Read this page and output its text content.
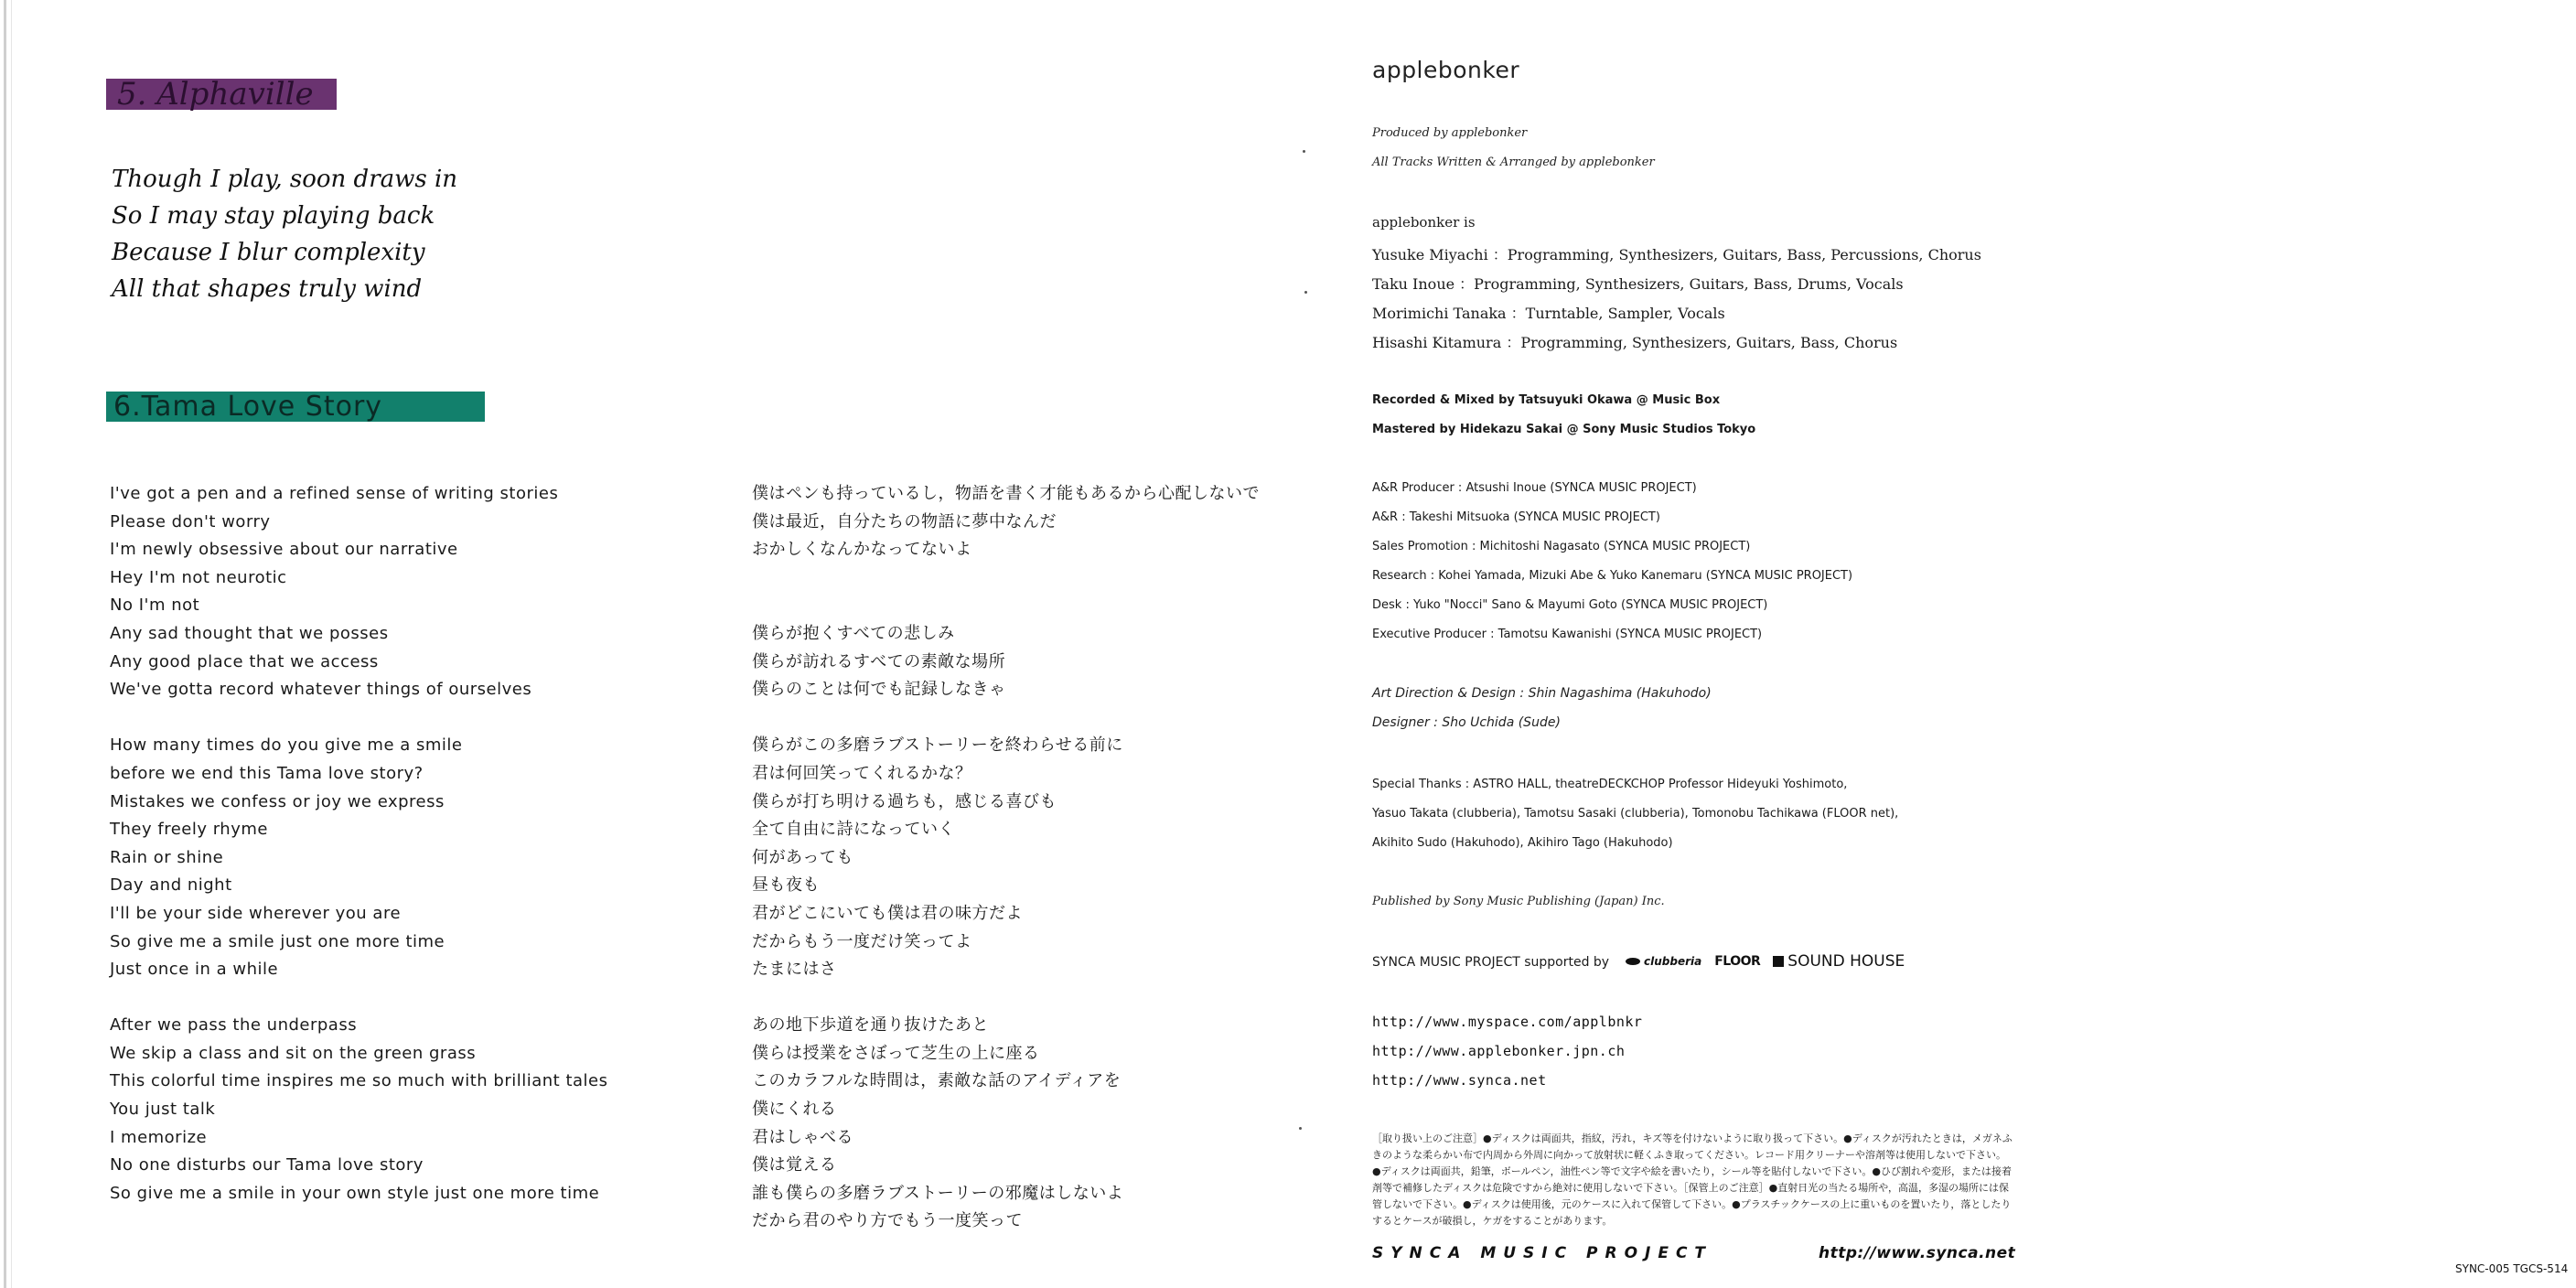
5. Alphaville
Though I play, soon draws in
So I may stay playing back
Because I blur complexity
All that shapes truly wind
6.Tama Love Story
I've got a pen and a refined sense of writing stories
Please don't worry
I'm newly obsessive about our narrative
Hey I'm not neurotic
No I'm not
Any sad thought that we posses
Any good place that we access
We've gotta record whatever things of ourselves
How many times do you give me a smile
before we end this Tama love story?
Mistakes we confess or joy we express
They freely rhyme
Rain or shine
Day and night
I'll be your side wherever you are
So give me a smile just one more time
Just once in a while
After we pass the underpass
We skip a class and sit on the green grass
This colorful time inspires me so much with brilliant tales
You just talk
I memorize
No one disturbs our Tama love story
So give me a smile in your own style just one more time
僕はペンも持っているし，物語を書く才能もあるから心配しないで
僕は最近，自分たちの物語に夢中なんだ
おかしくなんかなってないよ
僕らが抱くすべての悲しみ
僕らが訪れるすべての素敵な場所
僕らのことは何でも記録しなきゃ
僕らがこの多磨ラブストーリーを終わらせる前に
君は何回笑ってくれるかな？
僕らが打ち明ける過ちも，感じる喜びも
全て自由に詩になっていく
何があっても
昼も夜も
君がどこにいても僕は君の味方だよ
だからもう一度だけ笑ってよ
たまにはさ
あの地下歩道を通り抜けたあと
僕らは授業をさぼって芝生の上に座る
このカラフルな時間は，素敵な話のアイディアを
僕にくれる
君はしゃべる
僕は覚える
誰も僕らの多磨ラブストーリーの邪魔はしないよ
だから君のやり方でもう一度笑って
applebonker
Produced by applebonker
All Tracks Written & Arranged by applebonker
applebonker is
Yusuke Miyachi ：Programming, Synthesizers, Guitars, Bass, Percussions, Chorus
Taku Inoue ：Programming, Synthesizers, Guitars, Bass, Drums, Vocals
Morimichi Tanaka ：Turntable, Sampler, Vocals
Hisashi Kitamura ：Programming, Synthesizers, Guitars, Bass, Chorus
Recorded & Mixed by Tatsuyuki Okawa @ Music Box
Mastered by Hidekazu Sakai @ Sony Music Studios Tokyo
A&R Producer : Atsushi Inoue (SYNCA MUSIC PROJECT)
A&R : Takeshi Mitsuoka (SYNCA MUSIC PROJECT)
Sales Promotion : Michitoshi Nagasato (SYNCA MUSIC PROJECT)
Research : Kohei Yamada, Mizuki Abe & Yuko Kanemaru (SYNCA MUSIC PROJECT)
Desk : Yuko "Nocci" Sano & Mayumi Goto (SYNCA MUSIC PROJECT)
Executive Producer : Tamotsu Kawanishi (SYNCA MUSIC PROJECT)
Art Direction & Design : Shin Nagashima (Hakuhodo)
Designer : Sho Uchida (Sude)
Special Thanks : ASTRO HALL, theatreDECKCHOP Professor Hideyuki Yoshimoto,
Yasuo Takata (clubberia), Tamotsu Sasaki (clubberia), Tomonobu Tachikawa (FLOOR net),
Akihito Sudo (Hakuhodo), Akihiro Tago (Hakuhodo)
Published by Sony Music Publishing (Japan) Inc.
SYNCA MUSIC PROJECT supported by	clubberia FLOOR SOUND HOUSE
http://www.myspace.com/applbnkr
http://www.applebonker.jpn.ch
http://www.synca.net
［取り扱い上のご注意］●ディスクは両面共，指紋，汚れ，キズ等を付けないように取り扱って下さい。●ディスクが汚れたときは，メガネふきのような柔らかい布で内周から外周に向かって放射状に軽くふき取ってください。レコード用クリーナーや溶剤等は使用しないで下さい。●ディスクは両面共，鉛筆，ボールペン，油性ペン等で文字や絵を書いたり，シール等を貼付しないで下さい。●ひび割れや変形，または接着剤等で補修したディスクは危険ですから絶対に使用しないで下さい。［保管上のご注意］●直射日光の当たる場所や，高温，多湿の場所には保管しないで下さい。●ディスクは使用後，元のケースに入れて保管して下さい。●プラスチックケースの上に重いものを置いたり，落としたりするとケースが破損し，ケガをすることがあります。
SYNCA MUSIC PROJECT	http://www.synca.net
SYNC-005 TGCS-514
